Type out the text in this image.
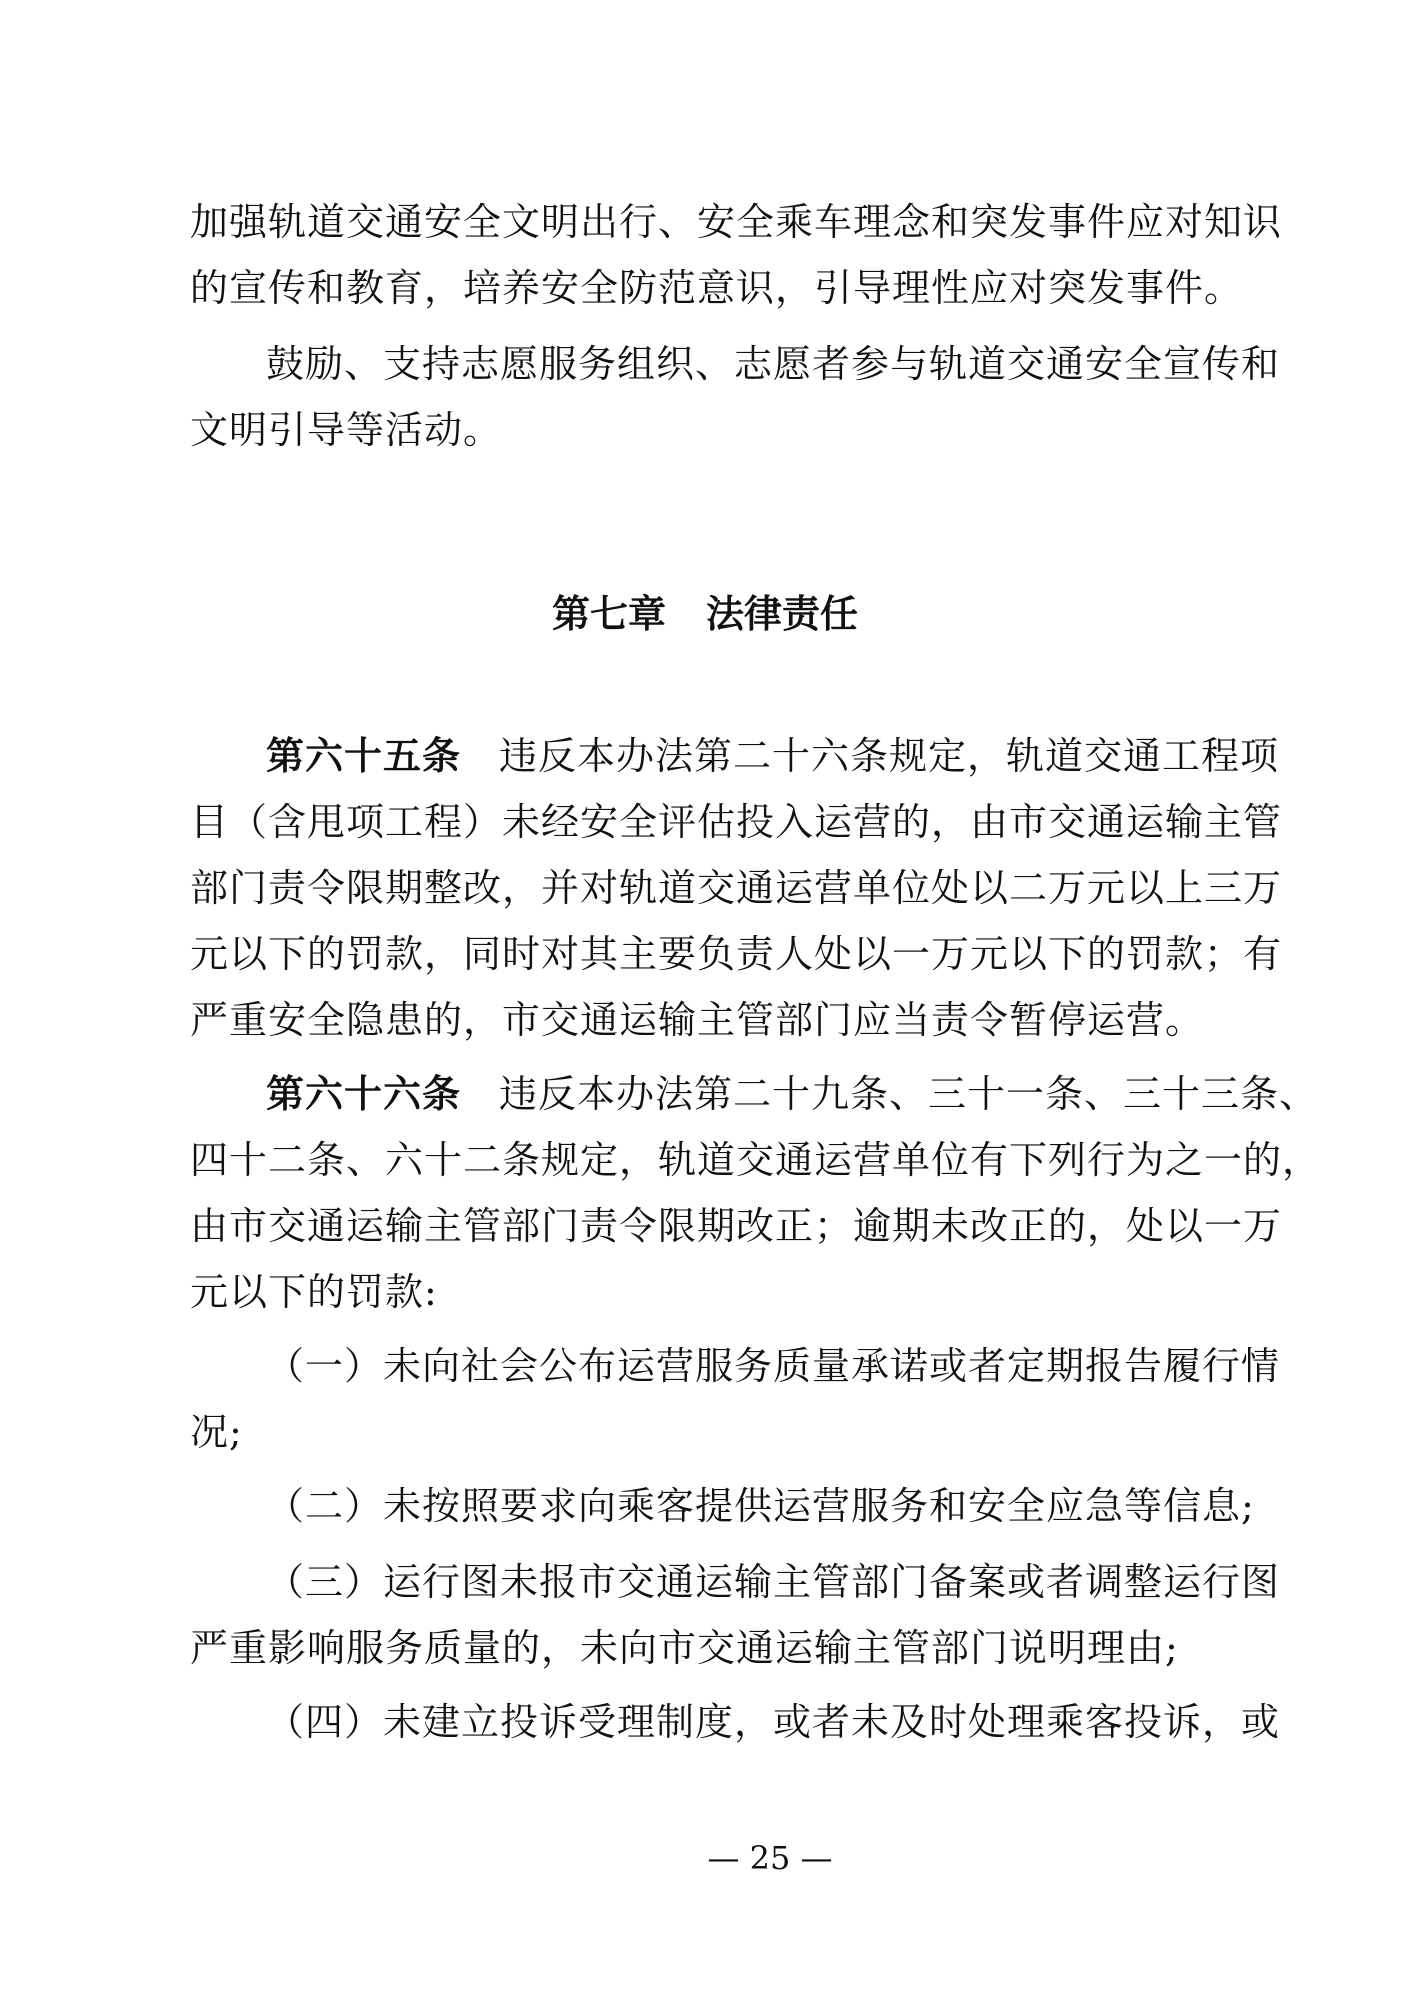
加强轨道交通安全文明出行、安全乘车理念和突发事件应对知识
的宣传和教育，培养安全防范意识，引导理性应对突发事件。
鼓励、支持志愿服务组织、志愿者参与轨道交通安全宣传和
文明引导等活动。
第七章 法律责任
第六十五条 违反本办法第二十六条规定，轨道交通工程项
目（含甩项工程）未经安全评估投入运营的，由市交通运输主管
部门责令限期整改，并对轨道交通运营单位处以二万元以上三万
元以下的罚款，同时对其主要负责人处以一万元以下的罚款；有
严重安全隐患的，市交通运输主管部门应当责令暂停运营。
第六十六条 违反本办法第二十九条、三十一条、三十三条、
四十二条、六十二条规定，轨道交通运营单位有下列行为之一的，
由市交通运输主管部门责令限期改正；逾期未改正的，处以一万
元以下的罚款:
（一）未向社会公布运营服务质量承诺或者定期报告履行情
况;
（二）未按照要求向乘客提供运营服务和安全应急等信息;
（三）运行图未报市交通运输主管部门备案或者调整运行图
严重影响服务质量的，未向市交通运输主管部门说明理由;
（四）未建立投诉受理制度，或者未及时处理乘客投诉，或
— 25 —
